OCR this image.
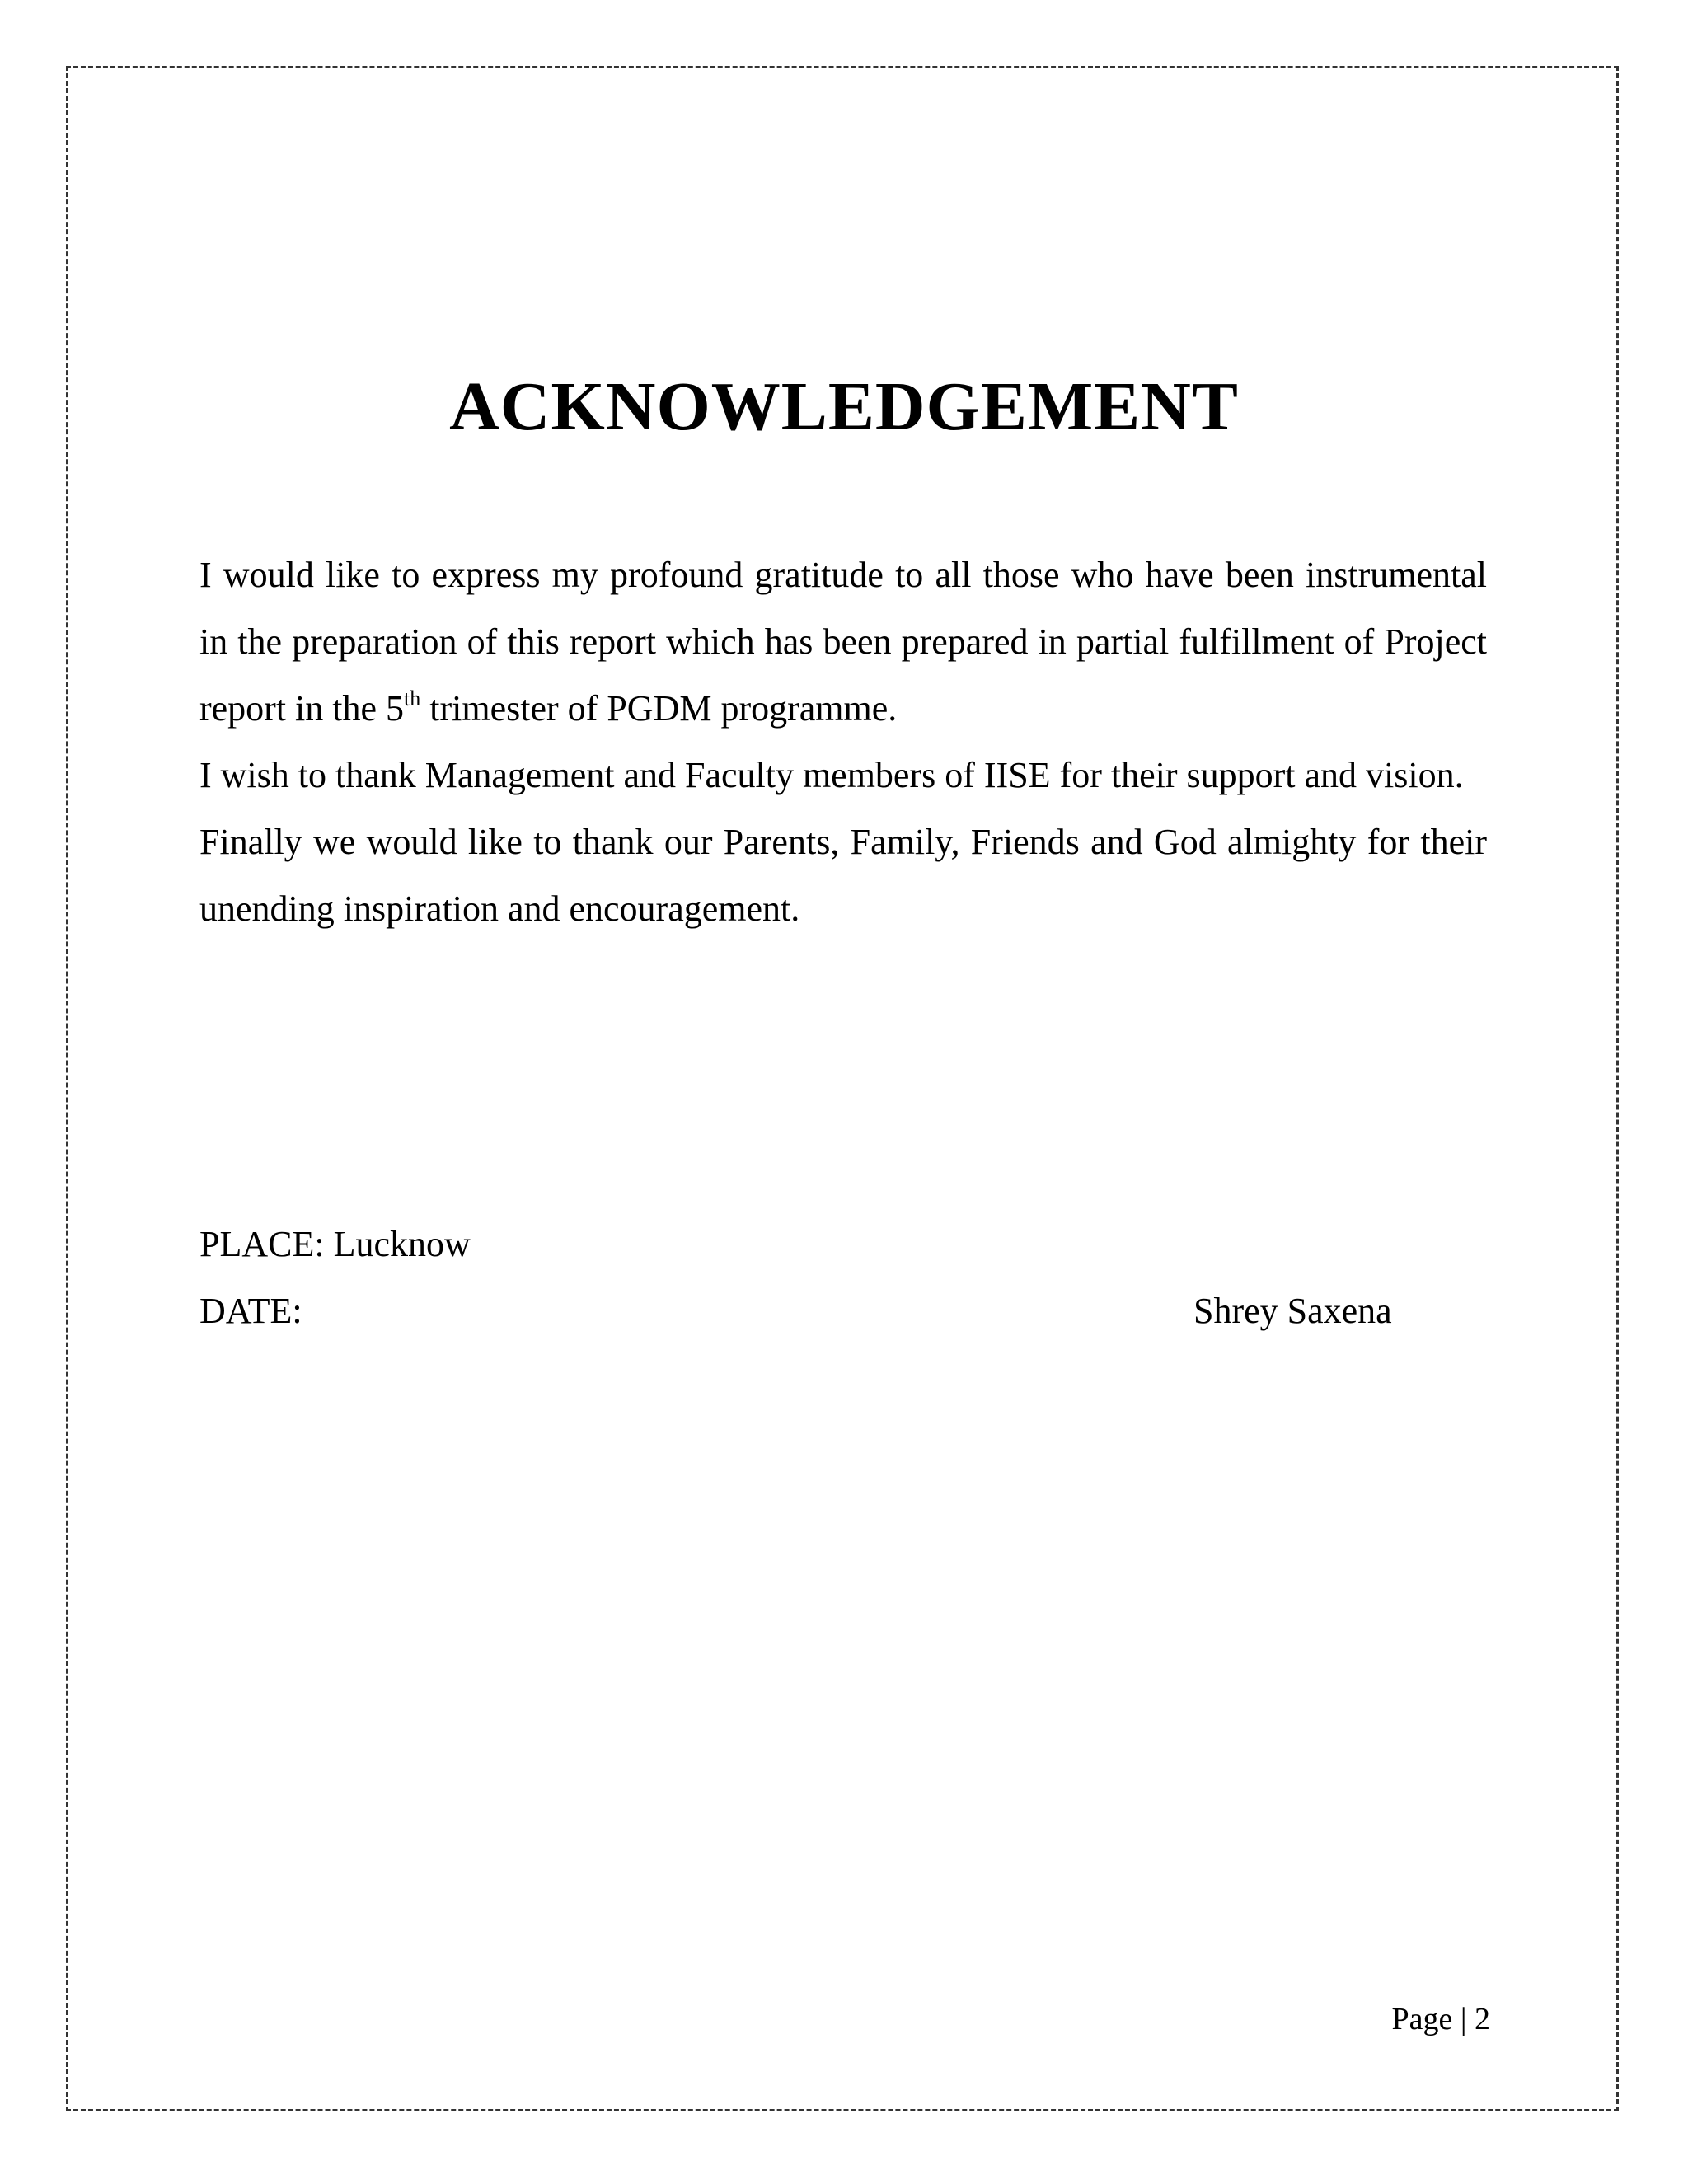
ACKNOWLEDGEMENT

I would like to express my profound gratitude to all those who have been instrumental in the preparation of this report which has been prepared in partial fulfillment of Project report in the 5th trimester of PGDM programme.

I wish to thank Management and Faculty members of IISE for their support and vision.

Finally we would like to thank our Parents, Family, Friends and God almighty for their unending inspiration and encouragement.

PLACE: Lucknow
DATE:	Shrey Saxena
Page | 2
